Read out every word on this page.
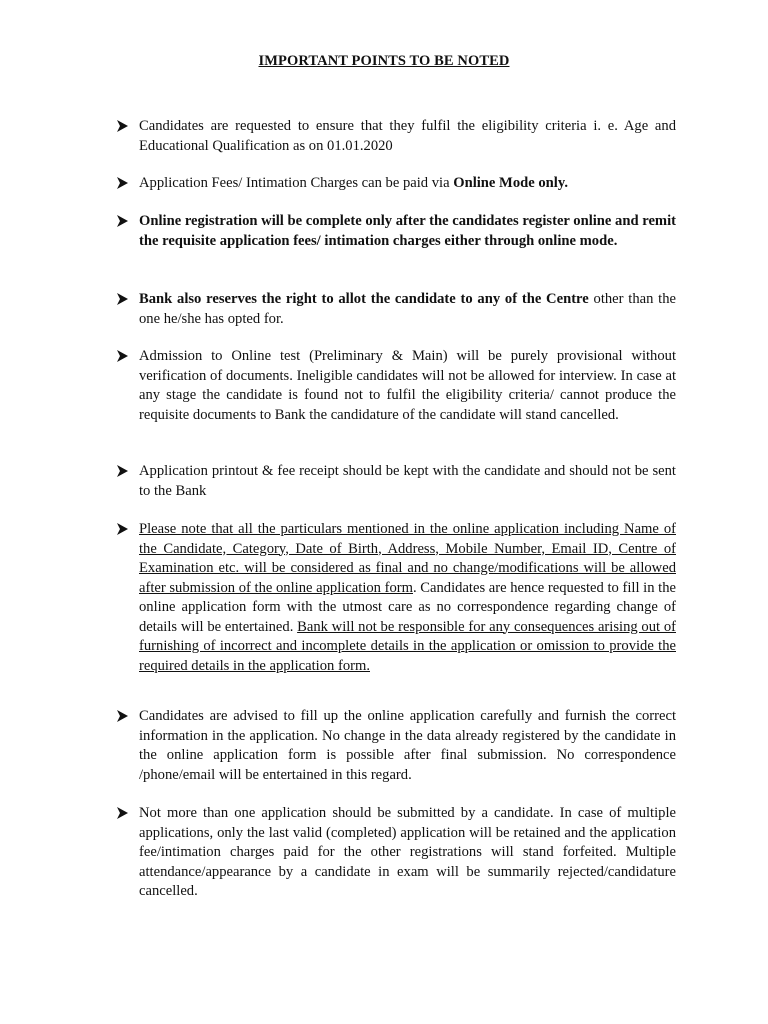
IMPORTANT POINTS TO BE NOTED
Candidates are requested to ensure that they fulfil the eligibility criteria i. e. Age and Educational Qualification as on 01.01.2020
Application Fees/ Intimation Charges can be paid via Online Mode only.
Online registration will be complete only after the candidates register online and remit the requisite application fees/ intimation charges either through online mode.
Bank also reserves the right to allot the candidate to any of the Centre other than the one he/she has opted for.
Admission to Online test (Preliminary & Main) will be purely provisional without verification of documents. Ineligible candidates will not be allowed for interview. In case at any stage the candidate is found not to fulfil the eligibility criteria/ cannot produce the requisite documents to Bank the candidature of the candidate will stand cancelled.
Application printout & fee receipt should be kept with the candidate and should not be sent to the Bank
Please note that all the particulars mentioned in the online application including Name of the Candidate, Category, Date of Birth, Address, Mobile Number, Email ID, Centre of Examination etc. will be considered as final and no change/modifications will be allowed after submission of the online application form. Candidates are hence requested to fill in the online application form with the utmost care as no correspondence regarding change of details will be entertained. Bank will not be responsible for any consequences arising out of furnishing of incorrect and incomplete details in the application or omission to provide the required details in the application form.
Candidates are advised to fill up the online application carefully and furnish the correct information in the application. No change in the data already registered by the candidate in the online application form is possible after final submission. No correspondence /phone/email will be entertained in this regard.
Not more than one application should be submitted by a candidate. In case of multiple applications, only the last valid (completed) application will be retained and the application fee/intimation charges paid for the other registrations will stand forfeited. Multiple attendance/appearance by a candidate in exam will be summarily rejected/candidature cancelled.
